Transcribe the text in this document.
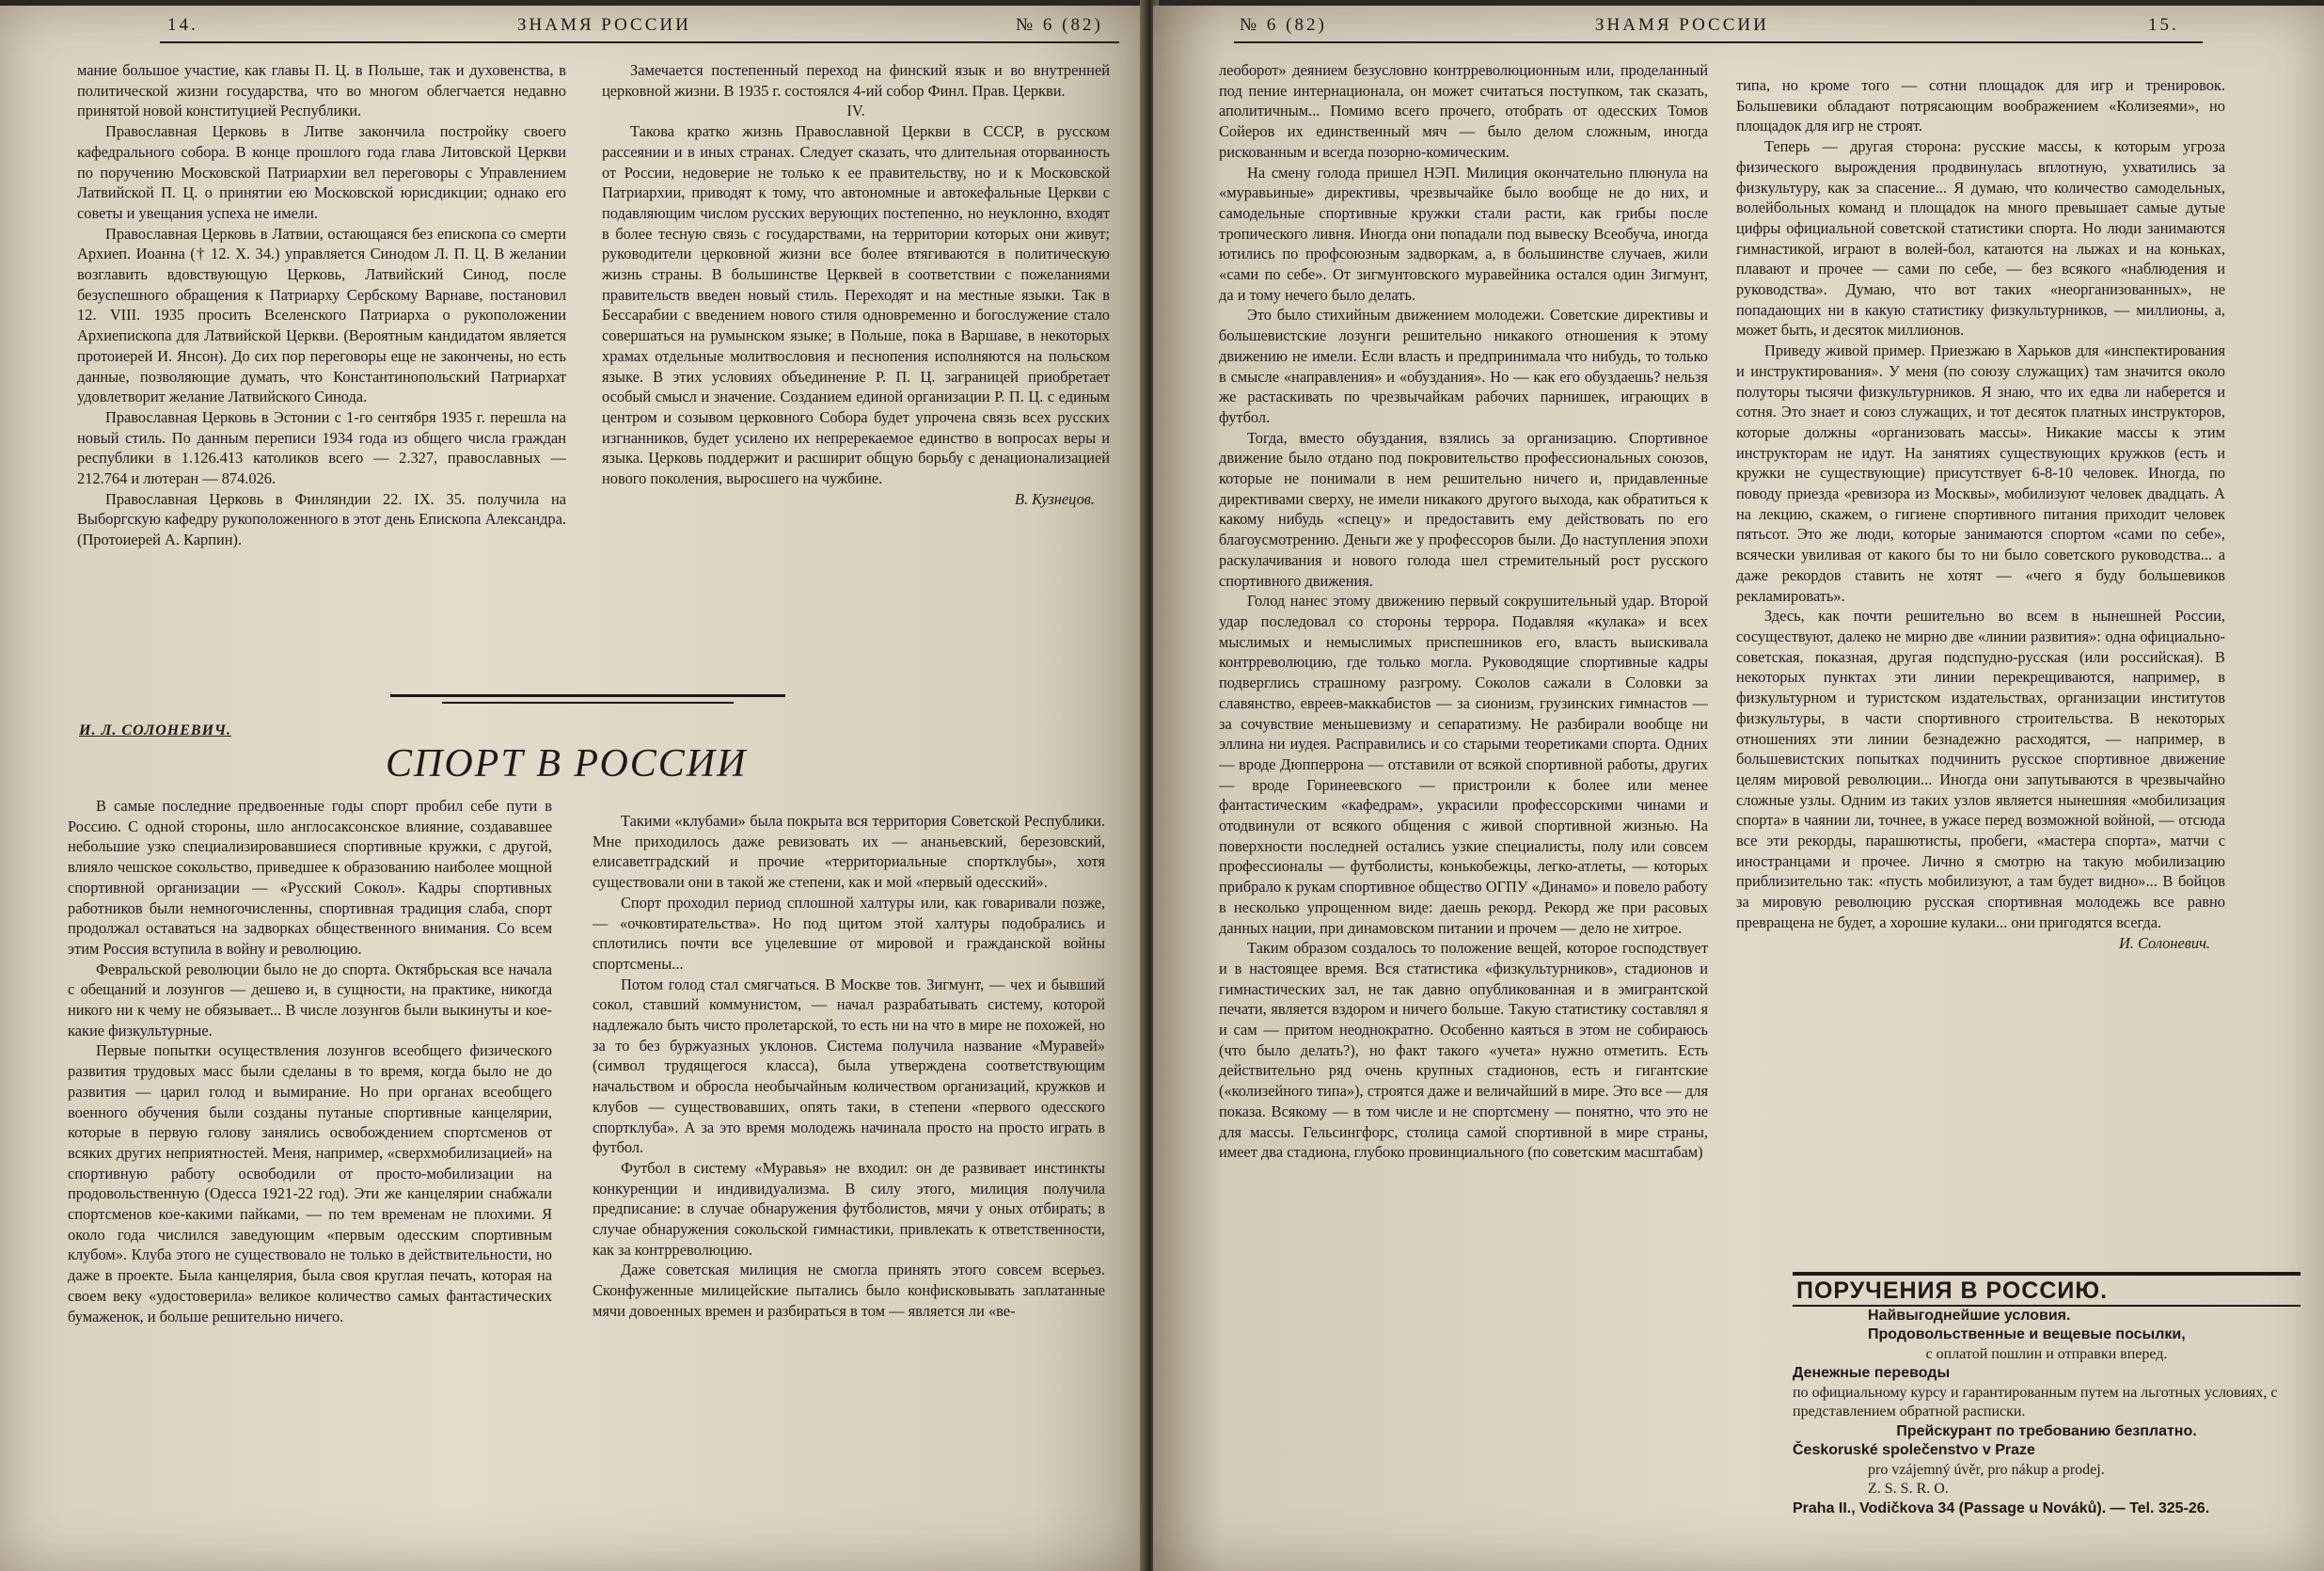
14.	ЗНАМЯ РОССИИ	№ 6 (82)

мание большое участие, как главы П. Ц. в Польше, так и духовенства, в политической жизни государства, что во многом облегчается недавно принятой новой конституцией Республики.

Православная Церковь в Литве закончила постройку своего кафедрального собора. В конце прошлого года глава Литовской Церкви по поручению Московской Патриархии вел переговоры с Управлением Латвийской П. Ц. о принятии ею Московской юрисдикции; однако его советы и увещания успеха не имели.

Православная Церковь в Латвии, остающаяся без епископа со смерти Архиеп. Иоанна († 12. X. 34.) управляется Синодом Л. П. Ц. В желании возглавить вдовствующую Церковь, Латвийский Синод, после безуспешного обращения к Патриарху Сербскому Варнаве, постановил 12. VIII. 1935 просить Вселенского Патриарха о рукоположении Архиепископа для Латвийской Церкви. (Вероятным кандидатом является протоиерей И. Янсон). До сих пор переговоры еще не закончены, но есть данные, позволяющие думать, что Константинопольский Патриархат удовлетворит желание Латвийского Синода.

Православная Церковь в Эстонии с 1-го сентября 1935 г. перешла на новый стиль. По данным переписи 1934 года из общего числа граждан республики в 1.126.413 католиков всего — 2.327, православных — 212.764 и лютеран — 874.026.

Православная Церковь в Финляндии 22. IX. 35. получила на Выборгскую кафедру рукоположенного в этот день Епископа Александра. (Протоиерей А. Карпин).

Замечается постепенный переход на финский язык и во внутренней церковной жизни. В 1935 г. состоялся 4-ий собор Финл. Прав. Церкви.

IV.

Такова кратко жизнь Православной Церкви в СССР, в русском рассеянии и в иных странах. Следует сказать, что длительная оторванность от России, недоверие не только к ее правительству, но и к Московской Патриархии, приводят к тому, что автономные и автокефальные Церкви с подавляющим числом русских верующих постепенно, но неуклонно, входят в более тесную связь с государствами, на территории которых они живут; руководители церковной жизни все более втягиваются в политическую жизнь страны. В большинстве Церквей в соответствии с пожеланиями правительств введен новый стиль. Переходят и на местные языки. Так в Бессарабии с введением нового стиля одновременно и богослужение стало совершаться на румынском языке; в Польше, пока в Варшаве, в некоторых храмах отдельные молитвословия и песнопения исполняются на польском языке. В этих условиях объединение Р. П. Ц. заграницей приобретает особый смысл и значение. Созданием единой организации Р. П. Ц. с единым центром и созывом церковного Собора будет упрочена связь всех русских изгнанников, будет усилено их непререкаемое единство в вопросах веры и языка. Церковь поддержит и расширит общую борьбу с денационализацией нового поколения, выросшего на чужбине.

В. Кузнецов.

И. Л. СОЛОНЕВИЧ.
СПОРТ В РОССИИ

В самые последние предвоенные годы спорт пробил себе пути в Россию. С одной стороны, шло англосаксонское влияние, создававшее небольшие узко специализировавшиеся спортивные кружки, с другой, влияло чешское сокольство, приведшее к образованию наиболее мощной спортивной организации — «Русский Сокол». Кадры спортивных работников были немногочисленны, спортивная традиция слаба, спорт продолжал оставаться на задворках общественного внимания. Со всем этим Россия вступила в войну и революцию.

Февральской революции было не до спорта. Октябрьская все начала с обещаний и лозунгов — дешево и, в сущности, на практике, никогда никого ни к чему не обязывает... В числе лозунгов были выкинуты и кое-какие физкультурные.

Первые попытки осуществления лозунгов всеобщего физического развития трудовых масс были сделаны в то время, когда было не до развития — царил голод и вымирание. Но при органах всеобщего военного обучения были созданы путаные спортивные канцелярии, которые в первую голову занялись освобождением спортсменов от всяких других неприятностей. Меня, например, «сверхмобилизацией» на спортивную работу освободили от просто-мобилизации на продовольственную (Одесса 1921-22 год). Эти же канцелярии снабжали спортсменов кое-какими пайками, — по тем временам не плохими. Я около года числился заведующим «первым одесским спортивным клубом». Клуба этого не существовало не только в действительности, но даже в проекте. Была канцелярия, была своя круглая печать, которая на своем веку «удостоверила» великое количество самых фантастических бумаженок, и больше решительно ничего.

Такими «клубами» была покрыта вся территория Советской Республики. Мне приходилось даже ревизовать их — ананьевский, березовский, елисаветградский и прочие «территориальные спортклубы», хотя существовали они в такой же степени, как и мой «первый одесский».

Спорт проходил период сплошной халтуры или, как говаривали позже, — «очковтирательства». Но под щитом этой халтуры подобрались и сплотились почти все уцелевшие от мировой и гражданской войны спортсмены...

Потом голод стал смягчаться. В Москве тов. Зигмунт, — чех и бывший сокол, ставший коммунистом, — начал разрабатывать систему, которой надлежало быть чисто пролетарской, то есть ни на что в мире не похожей, но за то без буржуазных уклонов. Система получила название «Муравей» (символ трудящегося класса), была утверждена соответствующим начальством и обросла необычайным количеством организаций, кружков и клубов — существовавших, опять таки, в степени «первого одесского спортклуба». А за это время молодежь начинала просто на просто играть в футбол.

Футбол в систему «Муравья» не входил: он де развивает инстинкты конкуренции и индивидуализма. В силу этого, милиция получила предписание: в случае обнаружения футболистов, мячи у оных отбирать; в случае обнаружения сокольской гимнастики, привлекать к ответственности, как за контрреволюцию.

Даже советская милиция не смогла принять этого совсем всерьез. Сконфуженные милицейские пытались было конфисковывать заплатанные мячи довоенных времен и разбираться в том — является ли «ве-

№ 6 (82)	ЗНАМЯ РОССИИ	15.

леоборот» деянием безусловно контрреволюционным или, проделанный под пение интернационала, он может считаться поступком, так сказать, аполитичным... Помимо всего прочего, отобрать от одесских Томов Сойеров их единственный мяч — было делом сложным, иногда рискованным и всегда позорно-комическим.

На смену голода пришел НЭП. Милиция окончательно плюнула на «муравьиные» директивы, чрезвычайке было вообще не до них, и самодельные спортивные кружки стали расти, как грибы после тропического ливня. Иногда они попадали под вывеску Всеобуча, иногда ютились по профсоюзным задворкам, а, в большинстве случаев, жили «сами по себе». От зигмунтовского муравейника остался один Зигмунт, да и тому нечего было делать.

Это было стихийным движением молодежи. Советские директивы и большевистские лозунги решительно никакого отношения к этому движению не имели. Если власть и предпринимала что нибудь, то только в смысле «направления» и «обуздания». Но — как его обуздаешь? нельзя же растаскивать по чрезвычайкам рабочих парнишек, играющих в футбол.

Тогда, вместо обуздания, взялись за организацию. Спортивное движение было отдано под покровительство профессиональных союзов, которые не понимали в нем решительно ничего и, придавленные директивами сверху, не имели никакого другого выхода, как обратиться к какому нибудь «спецу» и предоставить ему действовать по его благоусмотрению. Деньги же у профессоров были. До наступления эпохи раскулачивания и нового голода шел стремительный рост русского спортивного движения.

Голод нанес этому движению первый сокрушительный удар. Второй удар последовал со стороны террора. Подавляя «кулака» и всех мыслимых и немыслимых приспешников его, власть выискивала контрреволюцию, где только могла. Руководящие спортивные кадры подверглись страшному разгрому. Соколов сажали в Соловки за славянство, евреев-маккабистов — за сионизм, грузинских гимнастов — за сочувствие меньшевизму и сепаратизму. Не разбирали вообще ни эллина ни иудея. Расправились и со старыми теоретиками спорта. Одних — вроде Дюпперрона — отставили от всякой спортивной работы, других — вроде Горинеевского — пристроили к более или менее фантастическим «кафедрам», украсили профессорскими чинами и отодвинули от всякого общения с живой спортивной жизнью. На поверхности последней остались узкие специалисты, полу или совсем профессионалы — футболисты, конькобежцы, легко-атлеты, — которых прибрало к рукам спортивное общество ОГПУ «Динамо» и повело работу в несколько упрощенном виде: даешь рекорд. Рекорд же при расовых данных нации, при динамовском питании и прочем — дело не хитрое.

Таким образом создалось то положение вещей, которое господствует и в настоящее время. Вся статистика «физкультурников», стадионов и гимнастических зал, не так давно опубликованная и в эмигрантской печати, является вздором и ничего больше. Такую статистику составлял я и сам — притом неоднократно. Особенно каяться в этом не собираюсь (что было делать?), но факт такого «учета» нужно отметить. Есть действительно ряд очень крупных стадионов, есть и гигантские («колизейного типа»), строятся даже и величайший в мире. Это все — для показа. Всякому — в том числе и не спортсмену — понятно, что это не для массы. Гельсингфорс, столица самой спортивной в мире страны, имеет два стадиона, глубоко провинциального (по советским масштабам)

типа, но кроме того — сотни площадок для игр и тренировок. Большевики обладают потрясающим воображением «Колизеями», но площадок для игр не строят.

Теперь — другая сторона: русские массы, к которым угроза физического вырождения продвинулась вплотную, ухватились за физкультуру, как за спасение... Я думаю, что количество самодельных, волейбольных команд и площадок на много превышает самые дутые цифры официальной советской статистики спорта. Но люди занимаются гимнастикой, играют в волей-бол, катаются на лыжах и на коньках, плавают и прочее — сами по себе, — без всякого «наблюдения и руководства». Думаю, что вот таких «неорганизованных», не попадающих ни в какую статистику физкультурников, — миллионы, а, может быть, и десяток миллионов.

Приведу живой пример. Приезжаю в Харьков для «инспектирования и инструктирования». У меня (по союзу служащих) там значится около полуторы тысячи физкультурников. Я знаю, что их едва ли наберется и сотня. Это знает и союз служащих, и тот десяток платных инструкторов, которые должны «организовать массы». Никакие массы к этим инструкторам не идут. На занятиях существующих кружков (есть и кружки не существующие) присутствует 6-8-10 человек. Иногда, по поводу приезда «ревизора из Москвы», мобилизуют человек двадцать. А на лекцию, скажем, о гигиене спортивного питания приходит человек пятьсот. Это же люди, которые занимаются спортом «сами по себе», всячески увиливая от какого бы то ни было советского руководства... а даже рекордов ставить не хотят — «чего я буду большевиков рекламировать».

Здесь, как почти решительно во всем в нынешней России, сосуществуют, далеко не мирно две «линии развития»: одна официально-советская, показная, другая подспудно-русская (или российская). В некоторых пунктах эти линии перекрещиваются, например, в физкультурном и туристском издательствах, организации институтов физкультуры, в части спортивного строительства. В некоторых отношениях эти линии безнадежно расходятся, — например, в большевистских попытках подчинить русское спортивное движение целям мировой революции... Иногда они запутываются в чрезвычайно сложные узлы. Одним из таких узлов является нынешняя «мобилизация спорта» в чаянии ли, точнее, в ужасе перед возможной войной, — отсюда все эти рекорды, парашютисты, пробеги, «мастера спорта», матчи с иностранцами и прочее. Лично я смотрю на такую мобилизацию приблизительно так: «пусть мобилизуют, а там будет видно»... В бойцов за мировую революцию русская спортивная молодежь все равно превращена не будет, а хорошие кулаки... они пригодятся всегда.

И. Солоневич.

ПОРУЧЕНИЯ В РОССИЮ.
Найвыгоднейшие условия.
Продовольственные и вещевые посылки,
с оплатой пошлин и отправки вперед.
Денежные переводы
по официальному курсу и гарантированным путем на льготных условиях, с представлением обратной расписки.
Прейскурант по требованию безплатно.
Českoruské společenstvo v Praze
pro vzájemný úvěr, pro nákup a prodej.
Z. S. S. R. O.
Praha II., Vodičkova 34 (Passage u Nováků). — Tel. 325-26.
